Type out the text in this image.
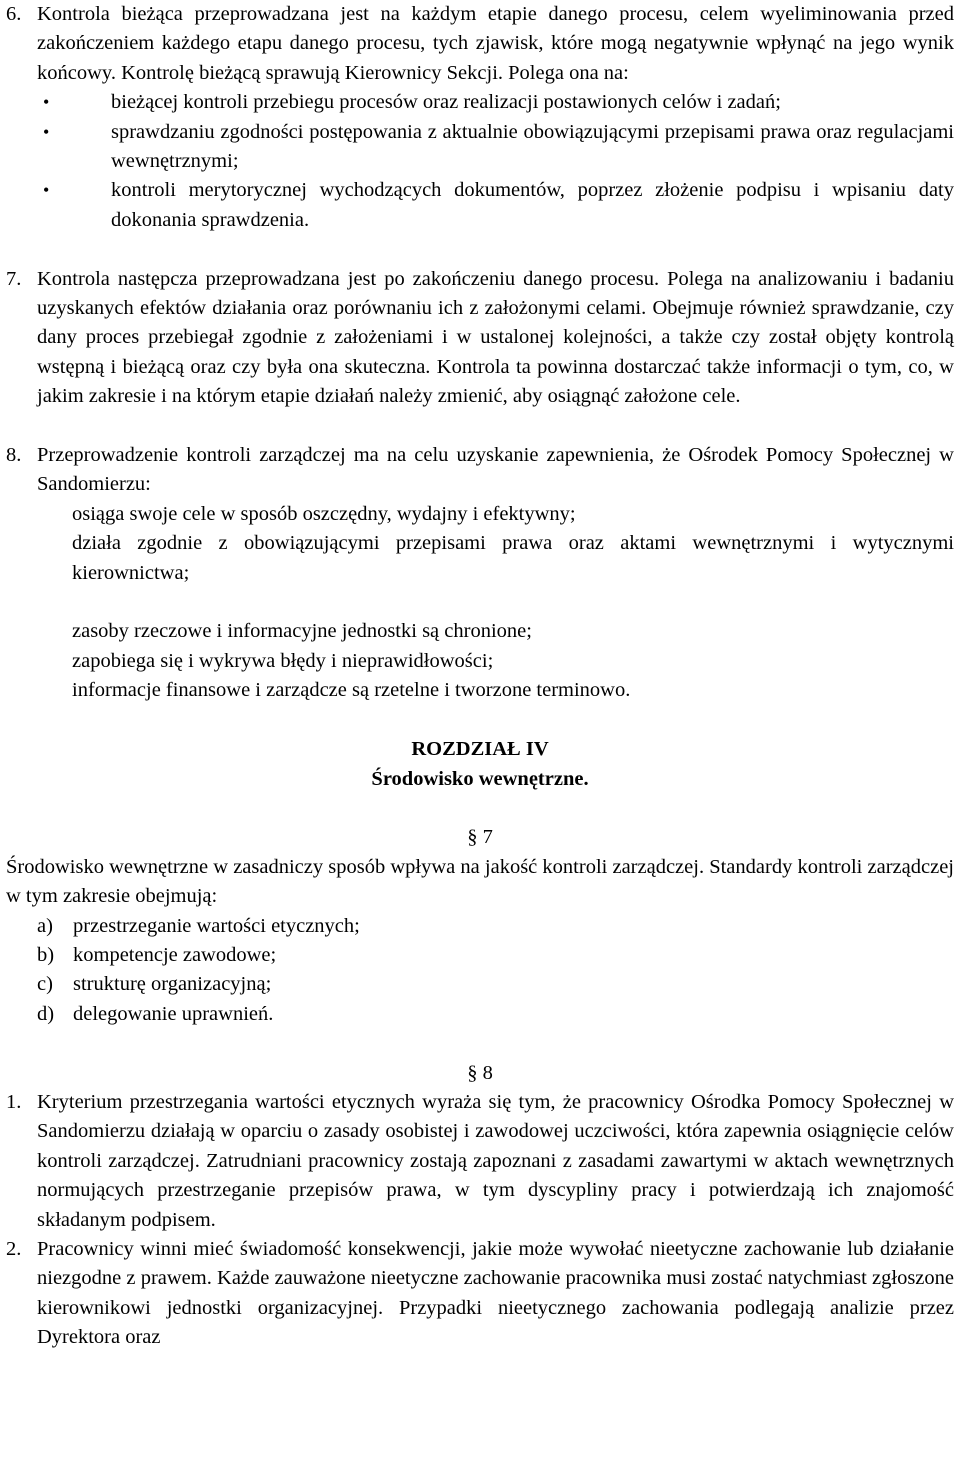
6. Kontrola bieżąca przeprowadzana jest na każdym etapie danego procesu, celem wyeliminowania przed zakończeniem każdego etapu danego procesu, tych zjawisk, które mogą negatywnie wpłynąć na jego wynik końcowy. Kontrolę bieżącą sprawują Kierownicy Sekcji. Polega ona na:
•
bieżącej kontroli przebiegu procesów oraz realizacji postawionych celów i zadań;
•
sprawdzaniu zgodności postępowania z aktualnie obowiązującymi przepisami prawa oraz regulacjami wewnętrznymi;
•
kontroli merytorycznej wychodzących dokumentów, poprzez złożenie podpisu i wpisaniu daty dokonania sprawdzenia.
7. Kontrola następcza przeprowadzana jest po zakończeniu danego procesu. Polega na analizowaniu i badaniu uzyskanych efektów działania oraz porównaniu ich z założonymi celami. Obejmuje również sprawdzanie, czy dany proces przebiegał zgodnie z założeniami i w ustalonej kolejności, a także czy został objęty kontrolą wstępną i bieżącą oraz czy była ona skuteczna. Kontrola ta powinna dostarczać także informacji o tym, co, w jakim zakresie i na którym etapie działań należy zmienić, aby osiągnąć założone cele.
8. Przeprowadzenie kontroli zarządczej ma na celu uzyskanie zapewnienia, że Ośrodek Pomocy Społecznej w Sandomierzu:
osiąga swoje cele w sposób oszczędny, wydajny i efektywny;
działa zgodnie z obowiązującymi przepisami prawa oraz aktami wewnętrznymi i wytycznymi kierownictwa;
zasoby rzeczowe i informacyjne jednostki są chronione;
zapobiega się i wykrywa błędy i nieprawidłowości;
informacje finansowe i zarządcze są rzetelne i tworzone terminowo.
ROZDZIAŁ IV
Środowisko wewnętrzne.
§ 7
Środowisko wewnętrzne w zasadniczy sposób wpływa na jakość kontroli zarządczej. Standardy kontroli zarządczej w tym zakresie obejmują:
a) przestrzeganie wartości etycznych;
b) kompetencje zawodowe;
c) strukturę organizacyjną;
d) delegowanie uprawnień.
§ 8
1. Kryterium przestrzegania wartości etycznych wyraża się tym, że pracownicy Ośrodka Pomocy Społecznej w Sandomierzu działają w oparciu o zasady osobistej i zawodowej uczciwości, która zapewnia osiągnięcie celów kontroli zarządczej. Zatrudniani pracownicy zostają zapoznani z zasadami zawartymi w aktach wewnętrznych normujących przestrzeganie przepisów prawa, w tym dyscypliny pracy i potwierdzają ich znajomość składanym podpisem.
2. Pracownicy winni mieć świadomość konsekwencji, jakie może wywołać nieetyczne zachowanie lub działanie niezgodne z prawem. Każde zauważone nieetyczne zachowanie pracownika musi zostać natychmiast zgłoszone kierownikowi jednostki organizacyjnej. Przypadki nieetycznego zachowania podlegają analizie przez Dyrektora oraz
